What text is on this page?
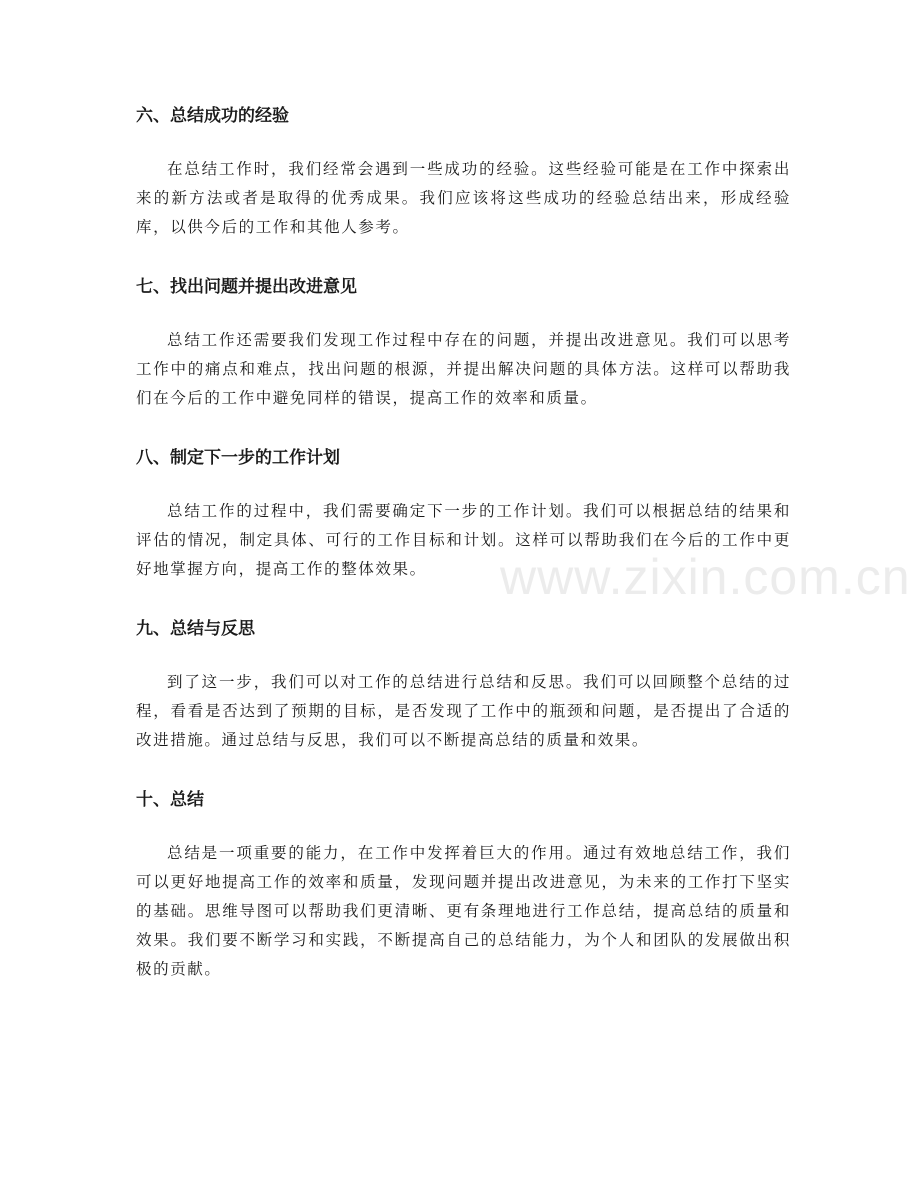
www.zixin.com.cn
六、总结成功的经验

在总结工作时，我们经常会遇到一些成功的经验。这些经验可能是在工作中探索出来的新方法或者是取得的优秀成果。我们应该将这些成功的经验总结出来，形成经验库，以供今后的工作和其他人参考。

七、找出问题并提出改进意见

总结工作还需要我们发现工作过程中存在的问题，并提出改进意见。我们可以思考工作中的痛点和难点，找出问题的根源，并提出解决问题的具体方法。这样可以帮助我们在今后的工作中避免同样的错误，提高工作的效率和质量。

八、制定下一步的工作计划

总结工作的过程中，我们需要确定下一步的工作计划。我们可以根据总结的结果和评估的情况，制定具体、可行的工作目标和计划。这样可以帮助我们在今后的工作中更好地掌握方向，提高工作的整体效果。

九、总结与反思

到了这一步，我们可以对工作的总结进行总结和反思。我们可以回顾整个总结的过程，看看是否达到了预期的目标，是否发现了工作中的瓶颈和问题，是否提出了合适的改进措施。通过总结与反思，我们可以不断提高总结的质量和效果。

十、总结

总结是一项重要的能力，在工作中发挥着巨大的作用。通过有效地总结工作，我们可以更好地提高工作的效率和质量，发现问题并提出改进意见，为未来的工作打下坚实的基础。思维导图可以帮助我们更清晰、更有条理地进行工作总结，提高总结的质量和效果。我们要不断学习和实践，不断提高自己的总结能力，为个人和团队的发展做出积极的贡献。
